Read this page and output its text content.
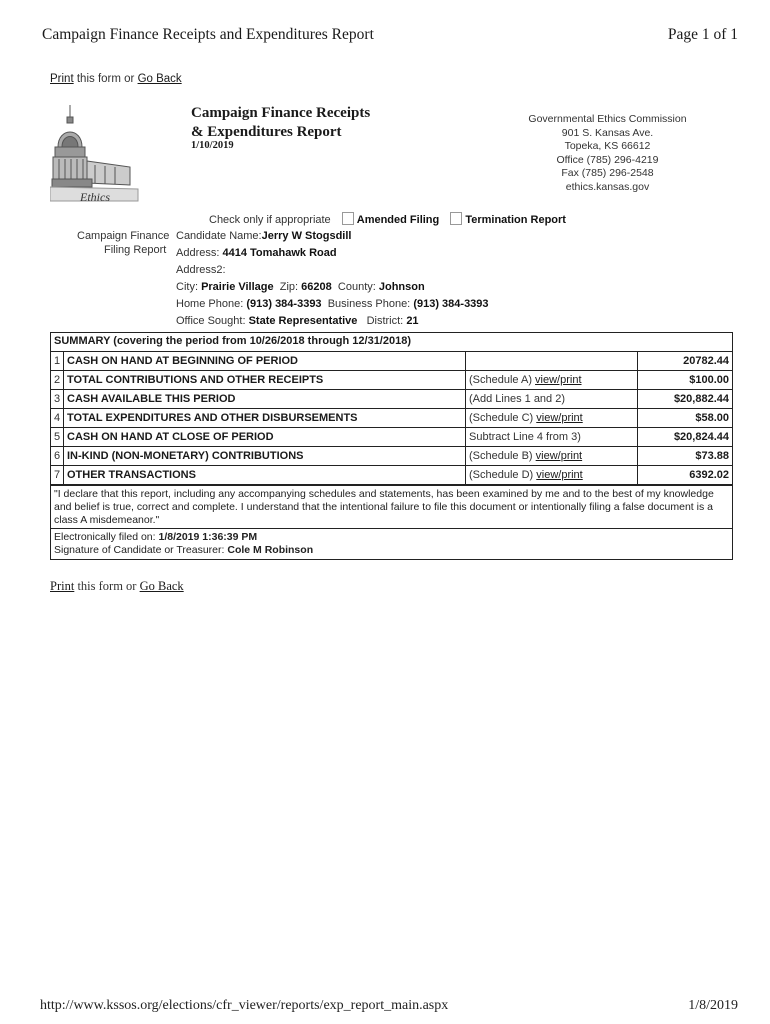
Campaign Finance Receipts and Expenditures Report	Page 1 of 1
Print this form or Go Back
Ethics
Campaign Finance Receipts
& Expenditures Report
1/10/2019
Governmental Ethics Commission
901 S. Kansas Ave.
Topeka, KS 66612
Office (785) 296-4219
Fax (785) 296-2548
ethics.kansas.gov
Check only if appropriate Amended Filing Termination Report
Campaign Finance
Filing Report
Candidate Name:Jerry W Stogsdill
Address: 4414 Tomahawk Road
Address2:
City: Prairie Village Zip: 66208 County: Johnson
Home Phone: (913) 384-3393 Business Phone: (913) 384-3393
Office Sought: State Representative District: 21
SUMMARY (covering the period from 10/26/2018 through 12/31/2018)
1	CASH ON HAND AT BEGINNING OF PERIOD		20782.44
2	TOTAL CONTRIBUTIONS AND OTHER RECEIPTS	(Schedule A) view/print	$100.00
3	CASH AVAILABLE THIS PERIOD	(Add Lines 1 and 2)	$20,882.44
4	TOTAL EXPENDITURES AND OTHER DISBURSEMENTS	(Schedule C) view/print	$58.00
5	CASH ON HAND AT CLOSE OF PERIOD	Subtract Line 4 from 3)	$20,824.44
6	IN-KIND (NON-MONETARY) CONTRIBUTIONS	(Schedule B) view/print	$73.88
7	OTHER TRANSACTIONS	(Schedule D) view/print	6392.02
"I declare that this report, including any accompanying schedules and statements, has been examined by me and to the best of my knowledge and belief is true, correct and complete. I understand that the intentional failure to file this document or intentionally filing a false document is a class A misdemeanor."
Electronically filed on: 1/8/2019 1:36:39 PM
Signature of Candidate or Treasurer: Cole M Robinson
Print this form or Go Back
http://www.kssos.org/elections/cfr_viewer/reports/exp_report_main.aspx	1/8/2019
